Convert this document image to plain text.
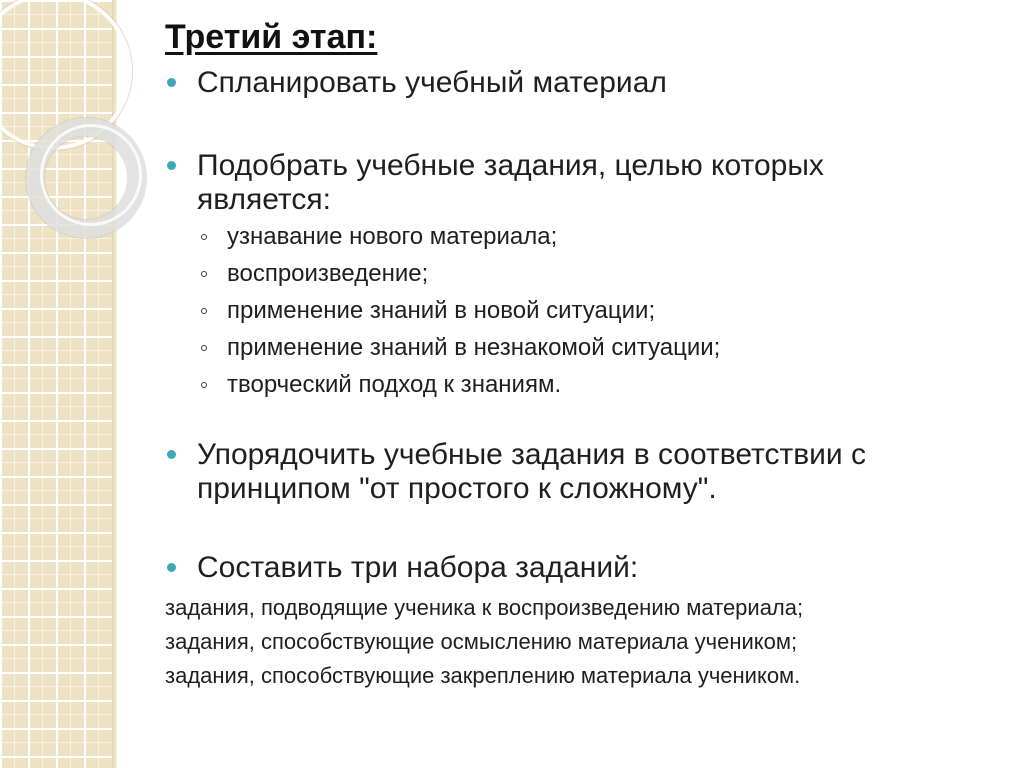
Третий этап:
Спланировать учебный материал
Подобрать учебные задания, целью которых является:
узнавание нового материала;
воспроизведение;
применение знаний в новой ситуации;
применение знаний в незнакомой ситуации;
творческий подход к знаниям.
Упорядочить учебные задания в соответствии с принципом "от простого к сложному".
Составить три набора заданий:
задания, подводящие ученика к воспроизведению материала;
задания, способствующие осмыслению материала учеником;
задания, способствующие закреплению материала учеником.
